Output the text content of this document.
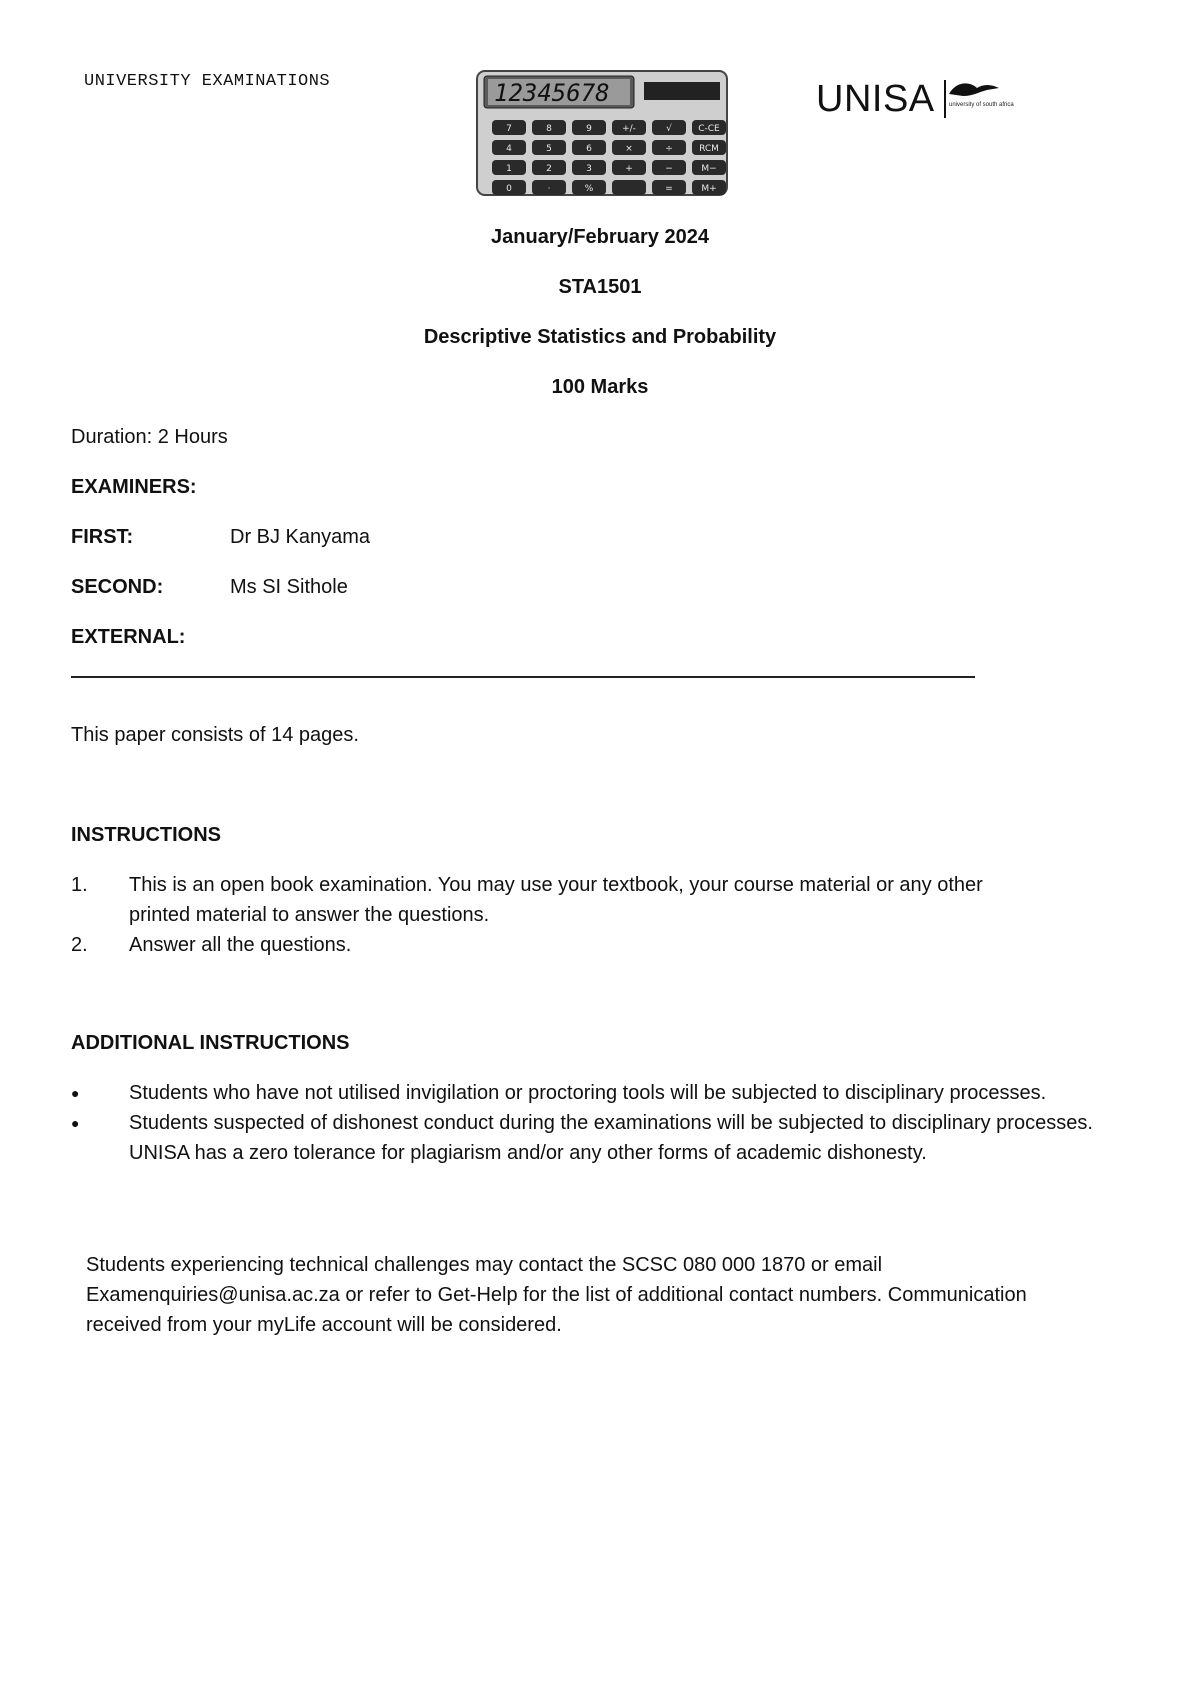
UNIVERSITY EXAMINATIONS	12345678
7	8	9	+/-	√	C-CE
4	5	6	×	÷	RCM
1	2	3	+	−	M−
0	·	%	=	M+
UNISA university of south africa
January/February 2024
STA1501
Descriptive Statistics and Probability
100 Marks
Duration: 2 Hours
EXAMINERS:
FIRST:	Dr BJ Kanyama
SECOND:	Ms SI Sithole
EXTERNAL:
This paper consists of 14 pages.
INSTRUCTIONS
1.	This is an open book examination. You may use your textbook, your course material or any other printed material to answer the questions.
2.	Answer all the questions.
ADDITIONAL INSTRUCTIONS
●	Students who have not utilised invigilation or proctoring tools will be subjected to disciplinary processes.
●	Students suspected of dishonest conduct during the examinations will be subjected to disciplinary processes. UNISA has a zero tolerance for plagiarism and/or any other forms of academic dishonesty.
Students experiencing technical challenges may contact the SCSC 080 000 1870 or email Examenquiries@unisa.ac.za or refer to Get-Help for the list of additional contact numbers. Communication received from your myLife account will be considered.
